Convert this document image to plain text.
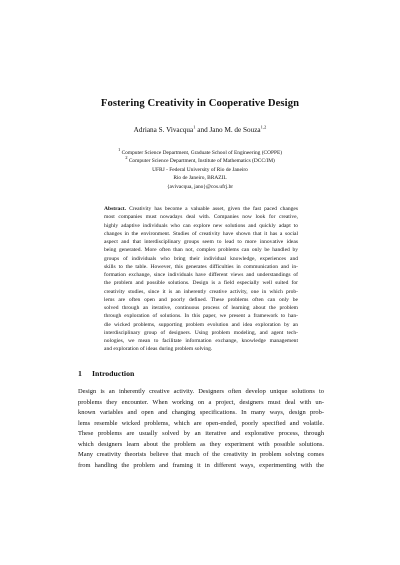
Fostering Creativity in Cooperative Design
Adriana S. Vivacqua$^1$ and Jano M. de Souza$^{1,2}$
$^1$ Computer Science Department, Graduate School of Engineering (COPPE)
$^2$ Computer Science Department, Institute of Mathematics (DCC/IM)
UFRJ - Federal University of Rio de Janeiro
Rio de Janeiro, BRAZIL
{avivacqua, jano}@cos.ufrj.br
Abstract. Creativity has become a valuable asset, given the fast paced changes
most companies must nowadays deal with. Companies now look for creative,
highly adaptive individuals who can explore new solutions and quickly adapt to
changes in the environment. Studies of creativity have shown that it has a social
aspect and that interdisciplinary groups seem to lead to more innovative ideas
being generated. More often than not, complex problems can only be handled by
groups of individuals who bring their individual knowledge, experiences and
skills to the table. However, this generates difficulties in communication and in-
formation exchange, since individuals have different views and understandings of
the problem and possible solutions. Design is a field especially well suited for
creativity studies, since it is an inherently creative activity, one in which prob-
lems are often open and poorly defined. These problems often can only be
solved through an iterative, continuous process of learning about the problem
through exploration of solutions. In this paper, we present a framework to han-
dle wicked problems, supporting problem evolution and idea exploration by an
interdisciplinary group of designers. Using problem modeling, and agent tech-
nologies, we mean to facilitate information exchange, knowledge management
and exploration of ideas during problem solving.
1 Introduction
Design is an inherently creative activity. Designers often develop unique solutions to
problems they encounter. When working on a project, designers must deal with un-
known variables and open and changing specifications. In many ways, design prob-
lems resemble wicked problems, which are open-ended, poorly specified and volatile.
These problems are usually solved by an iterative and explorative process, through
which designers learn about the problem as they experiment with possible solutions.
Many creativity theorists believe that much of the creativity in problem solving comes
from handling the problem and framing it in different ways, experimenting with the
